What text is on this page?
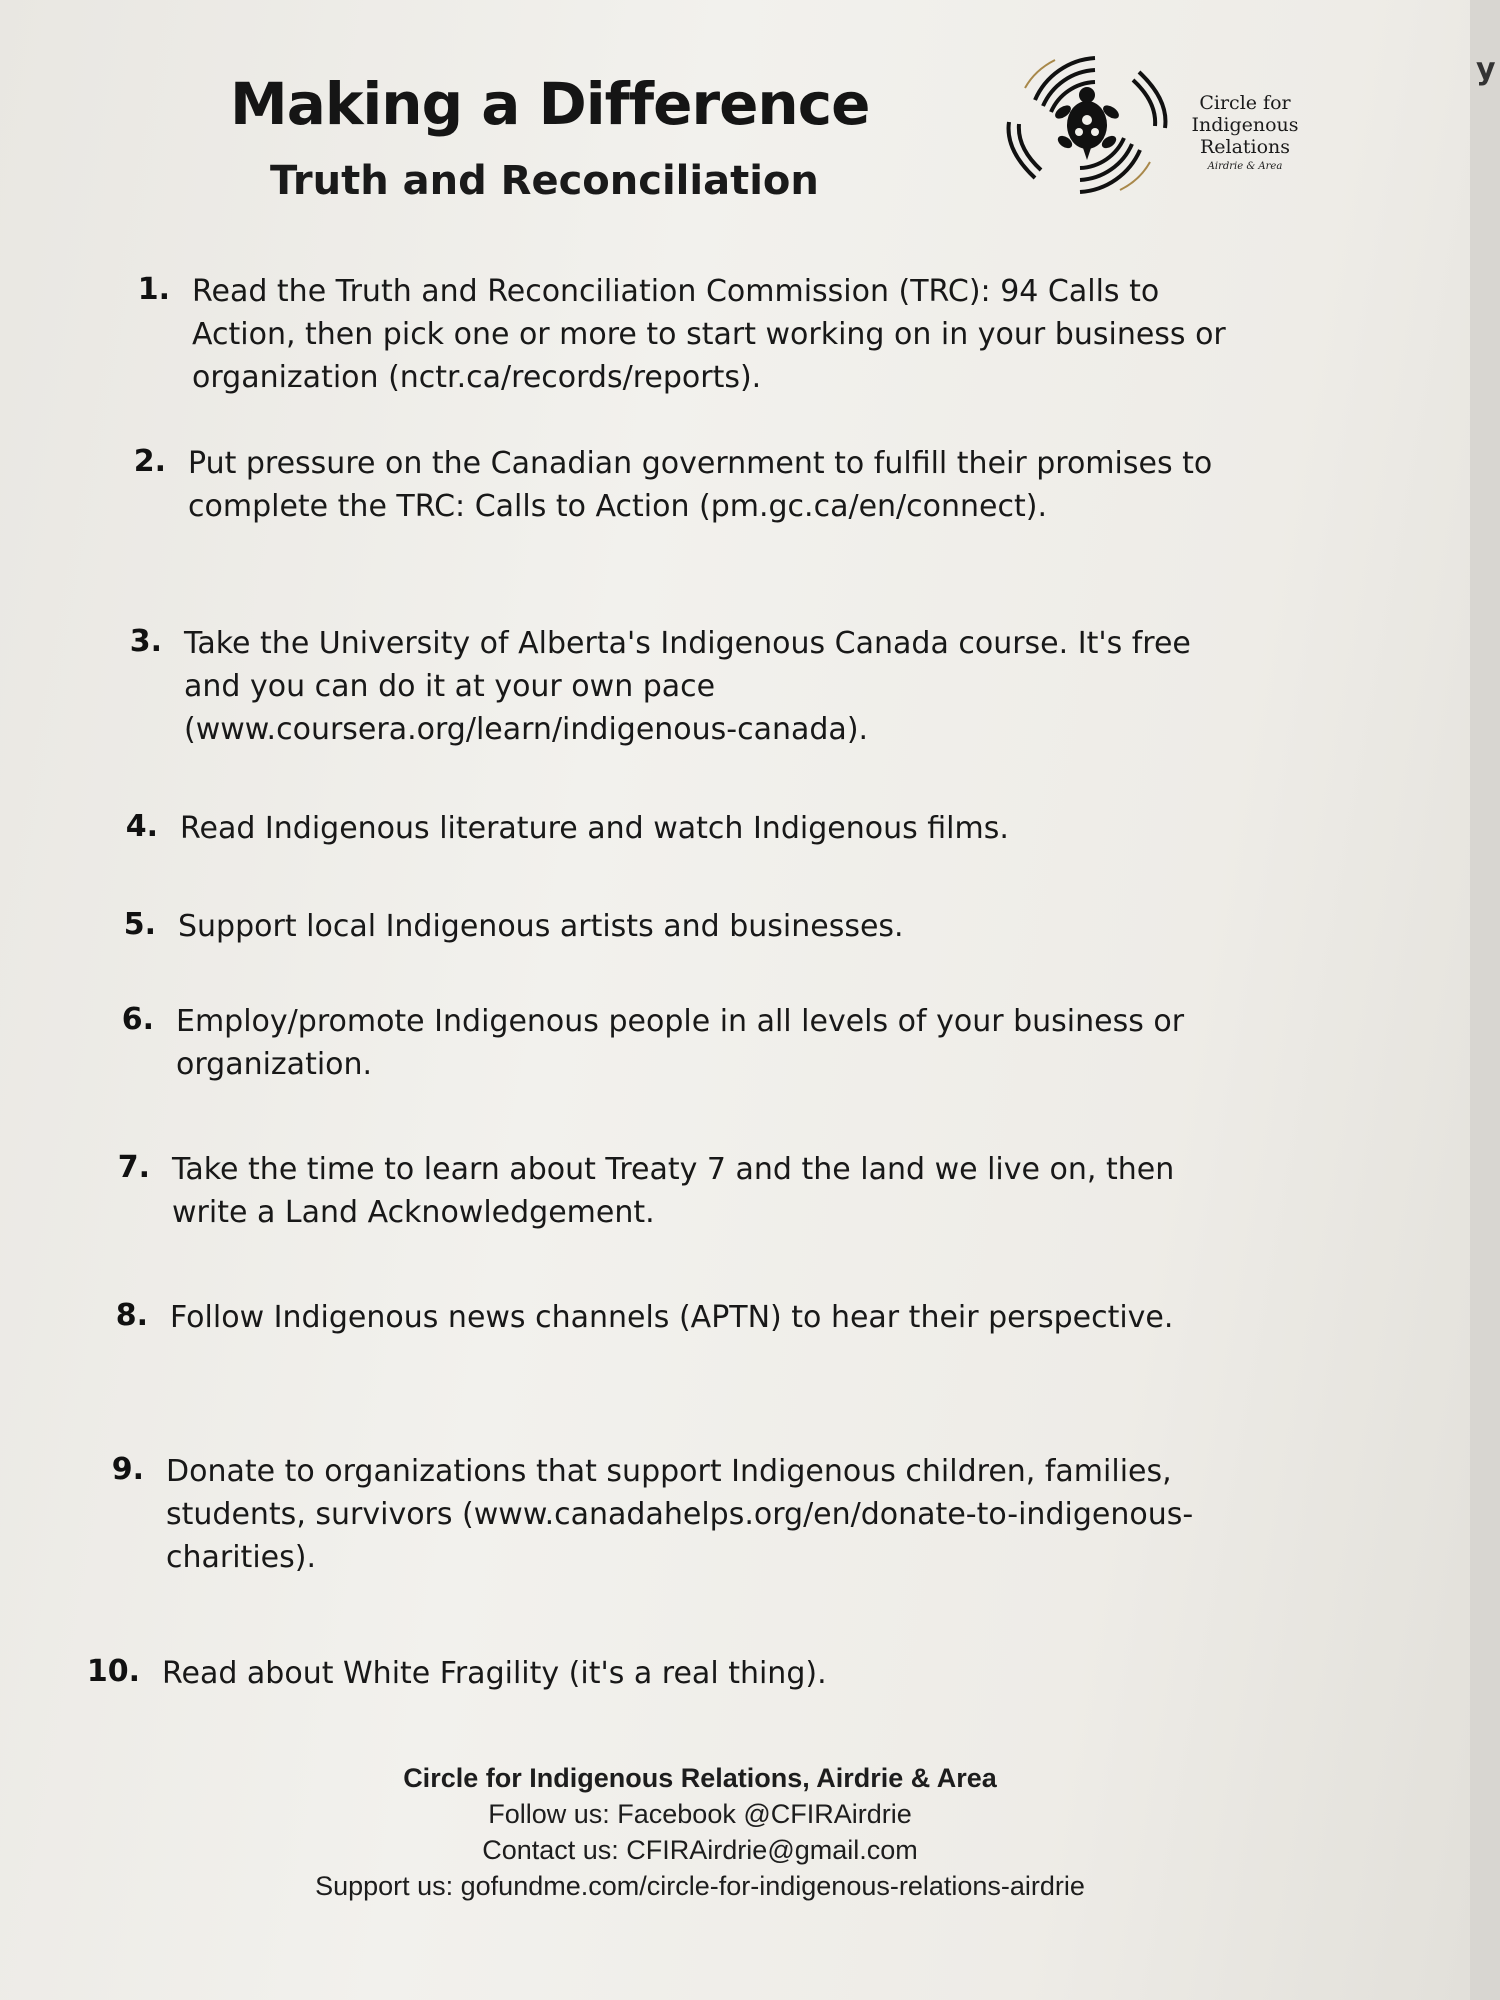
y
Making a Difference
Truth and Reconciliation
Circle for
Indigenous
Relations
Airdrie & Area
1. Read the Truth and Reconciliation Commission (TRC): 94 Calls to Action, then pick one or more to start working on in your business or organization (nctr.ca/records/reports).
2. Put pressure on the Canadian government to fulfill their promises to complete the TRC: Calls to Action (pm.gc.ca/en/connect).
3. Take the University of Alberta's Indigenous Canada course. It's free and you can do it at your own pace (www.coursera.org/learn/indigenous-canada).
4. Read Indigenous literature and watch Indigenous films.
5. Support local Indigenous artists and businesses.
6. Employ/promote Indigenous people in all levels of your business or organization.
7. Take the time to learn about Treaty 7 and the land we live on, then write a Land Acknowledgement.
8. Follow Indigenous news channels (APTN) to hear their perspective.
9. Donate to organizations that support Indigenous children, families, students, survivors (www.canadahelps.org/en/donate-to-indigenous-charities).
10. Read about White Fragility (it's a real thing).
Circle for Indigenous Relations, Airdrie & Area
Follow us: Facebook @CFIRAirdrie
Contact us: CFIRAirdrie@gmail.com
Support us: gofundme.com/circle-for-indigenous-relations-airdrie
